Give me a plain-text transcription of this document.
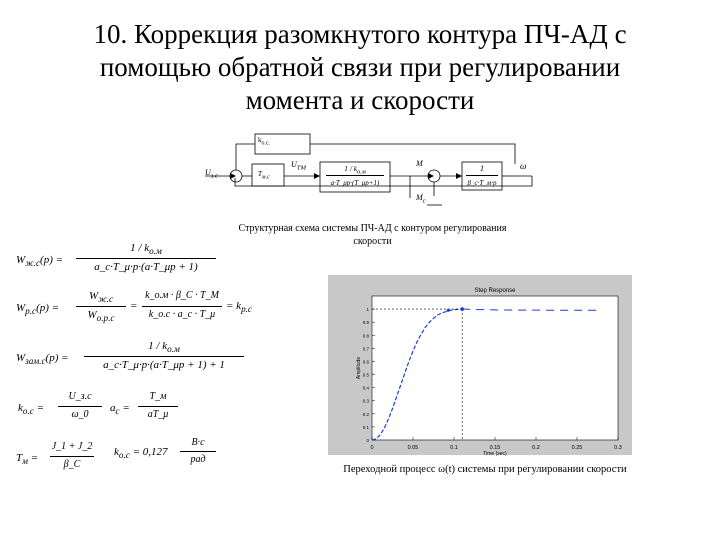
10. Коррекция разомкнутого контура ПЧ-АД с
помощью обратной связи при регулировании
момента и скорости
$k_{о.с.}$
$U_{з.с}$
$U_{ТМ}$
$Т_{м.с}$
$1 / k_{о.м}$
a·T_μp·(T_μp+1)
M
$M_c$
1
β_c·T_м·p
ω
Структурная схема системы ПЧ-АД с контуром регулирования
скорости
$W_{ж.с}(p)$ =
$1 / k_{о.м}$
a_c·T_μ·p·(a·T_μp + 1)
$W_{р.с}(p)$ =
$W_{ж.с}$
$W_{о.р.с}$
=
k_о.м · β_C · T_M
k_о.с · a_c · T_μ
= $k_{р.с}$
$W_{зам.с}(p)$ =
$1 / k_{о.м}$
a_c·T_μ·p·(a·T_μp + 1) + 1
$k_{о.с}$ =
U_з.с
ω_0
$a_c$ =
T_м
aT_μ
$T_м$ =
J_1 + J_2
β_C
$k_{о.с} = 0,127$
В·с
рад
0	0.05	0.1	0.15	0.2	0.25	0.3
0
0.1
0.2
0.3
0.4
0.5
0.6
0.7
0.8
0.9
1
Step Response
Time (sec)
Amplitude
Переходной процесс ω(t) системы при регулировании скорости
